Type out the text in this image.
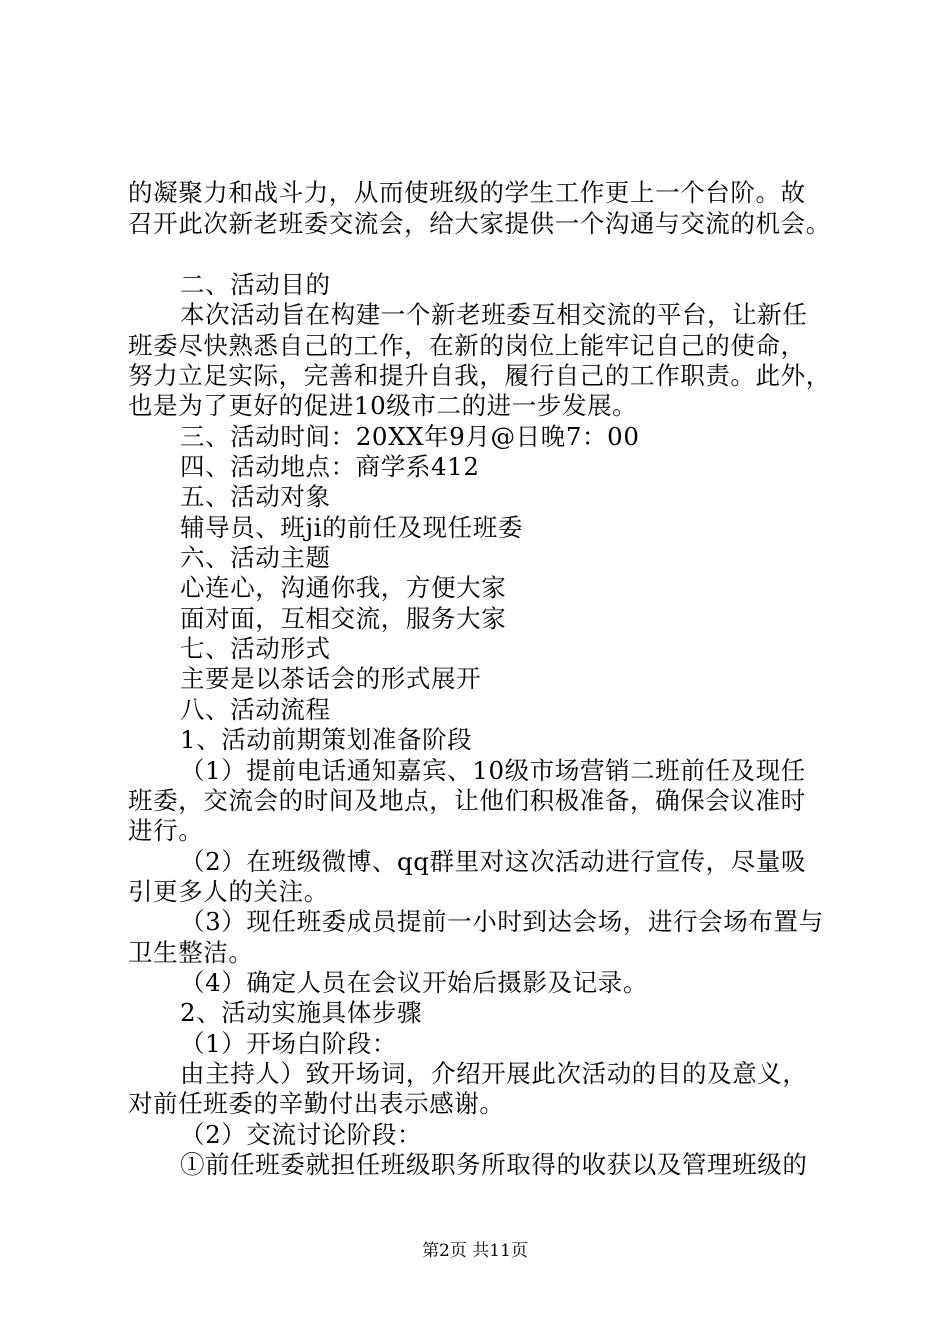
的凝聚力和战斗力，从而使班级的学生工作更上一个台阶。故
召开此次新老班委交流会，给大家提供一个沟通与交流的机会。
二、活动目的
本次活动旨在构建一个新老班委互相交流的平台，让新任
班委尽快熟悉自己的工作，在新的岗位上能牢记自己的使命，
努力立足实际，完善和提升自我，履行自己的工作职责。此外，
也是为了更好的促进10级市二的进一步发展。
三、活动时间：20XX年9月@日晚7：00
四、活动地点：商学系412
五、活动对象
辅导员、班ji的前任及现任班委
六、活动主题
心连心，沟通你我，方便大家
面对面，互相交流，服务大家
七、活动形式
主要是以茶话会的形式展开
八、活动流程
1、活动前期策划准备阶段
（1）提前电话通知嘉宾、10级市场营销二班前任及现任
班委，交流会的时间及地点，让他们积极准备，确保会议准时
进行。
（2）在班级微博、qq群里对这次活动进行宣传，尽量吸
引更多人的关注。
（3）现任班委成员提前一小时到达会场，进行会场布置与
卫生整洁。
（4）确定人员在会议开始后摄影及记录。
2、活动实施具体步骤
（1）开场白阶段：
由主持人）致开场词，介绍开展此次活动的目的及意义，
对前任班委的辛勤付出表示感谢。
（2）交流讨论阶段：
①前任班委就担任班级职务所取得的收获以及管理班级的
第2页 共11页
